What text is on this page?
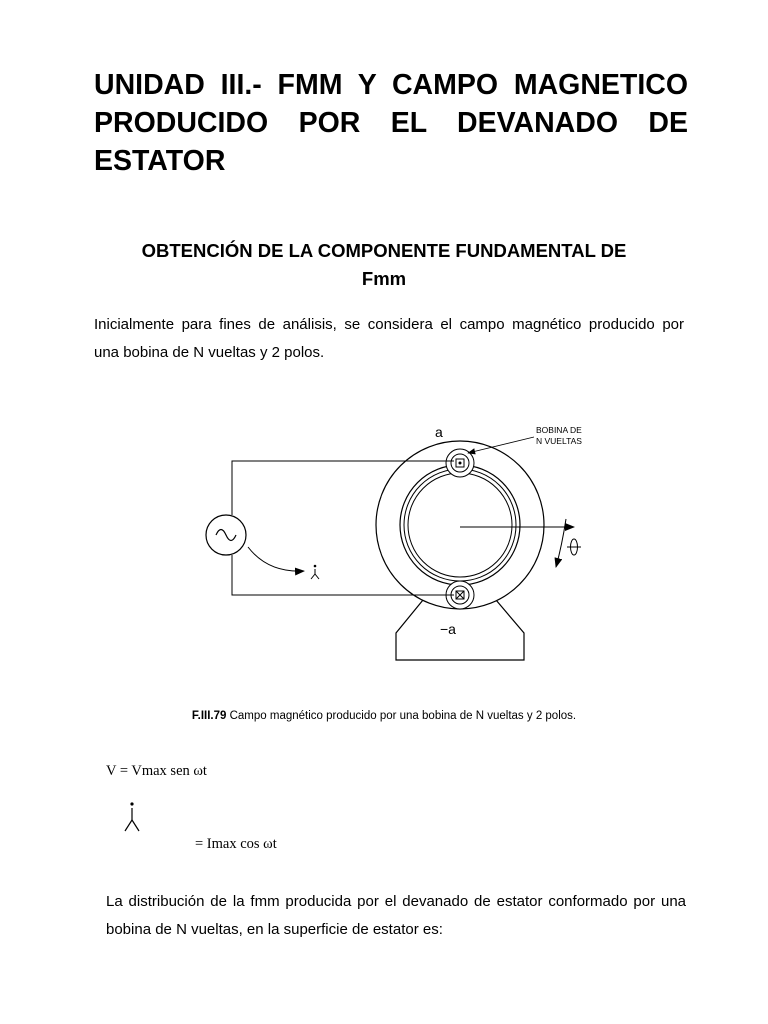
UNIDAD III.- FMM Y CAMPO MAGNETICO PRODUCIDO POR EL DEVANADO DE ESTATOR
OBTENCIÓN DE LA COMPONENTE FUNDAMENTAL DE
Fmm
Inicialmente para fines de análisis, se considera el campo magnético producido por
una bobina de N vueltas y 2 polos.
a
−a
BOBINA DE
N VUELTAS

F.III.79 Campo magnético producido por una bobina de N vueltas y 2 polos.

V = Vmax sen ωt
= Imax cos ωt
La distribución de la fmm producida por el devanado de estator conformado por una
bobina de N vueltas, en la superficie de estator es:
